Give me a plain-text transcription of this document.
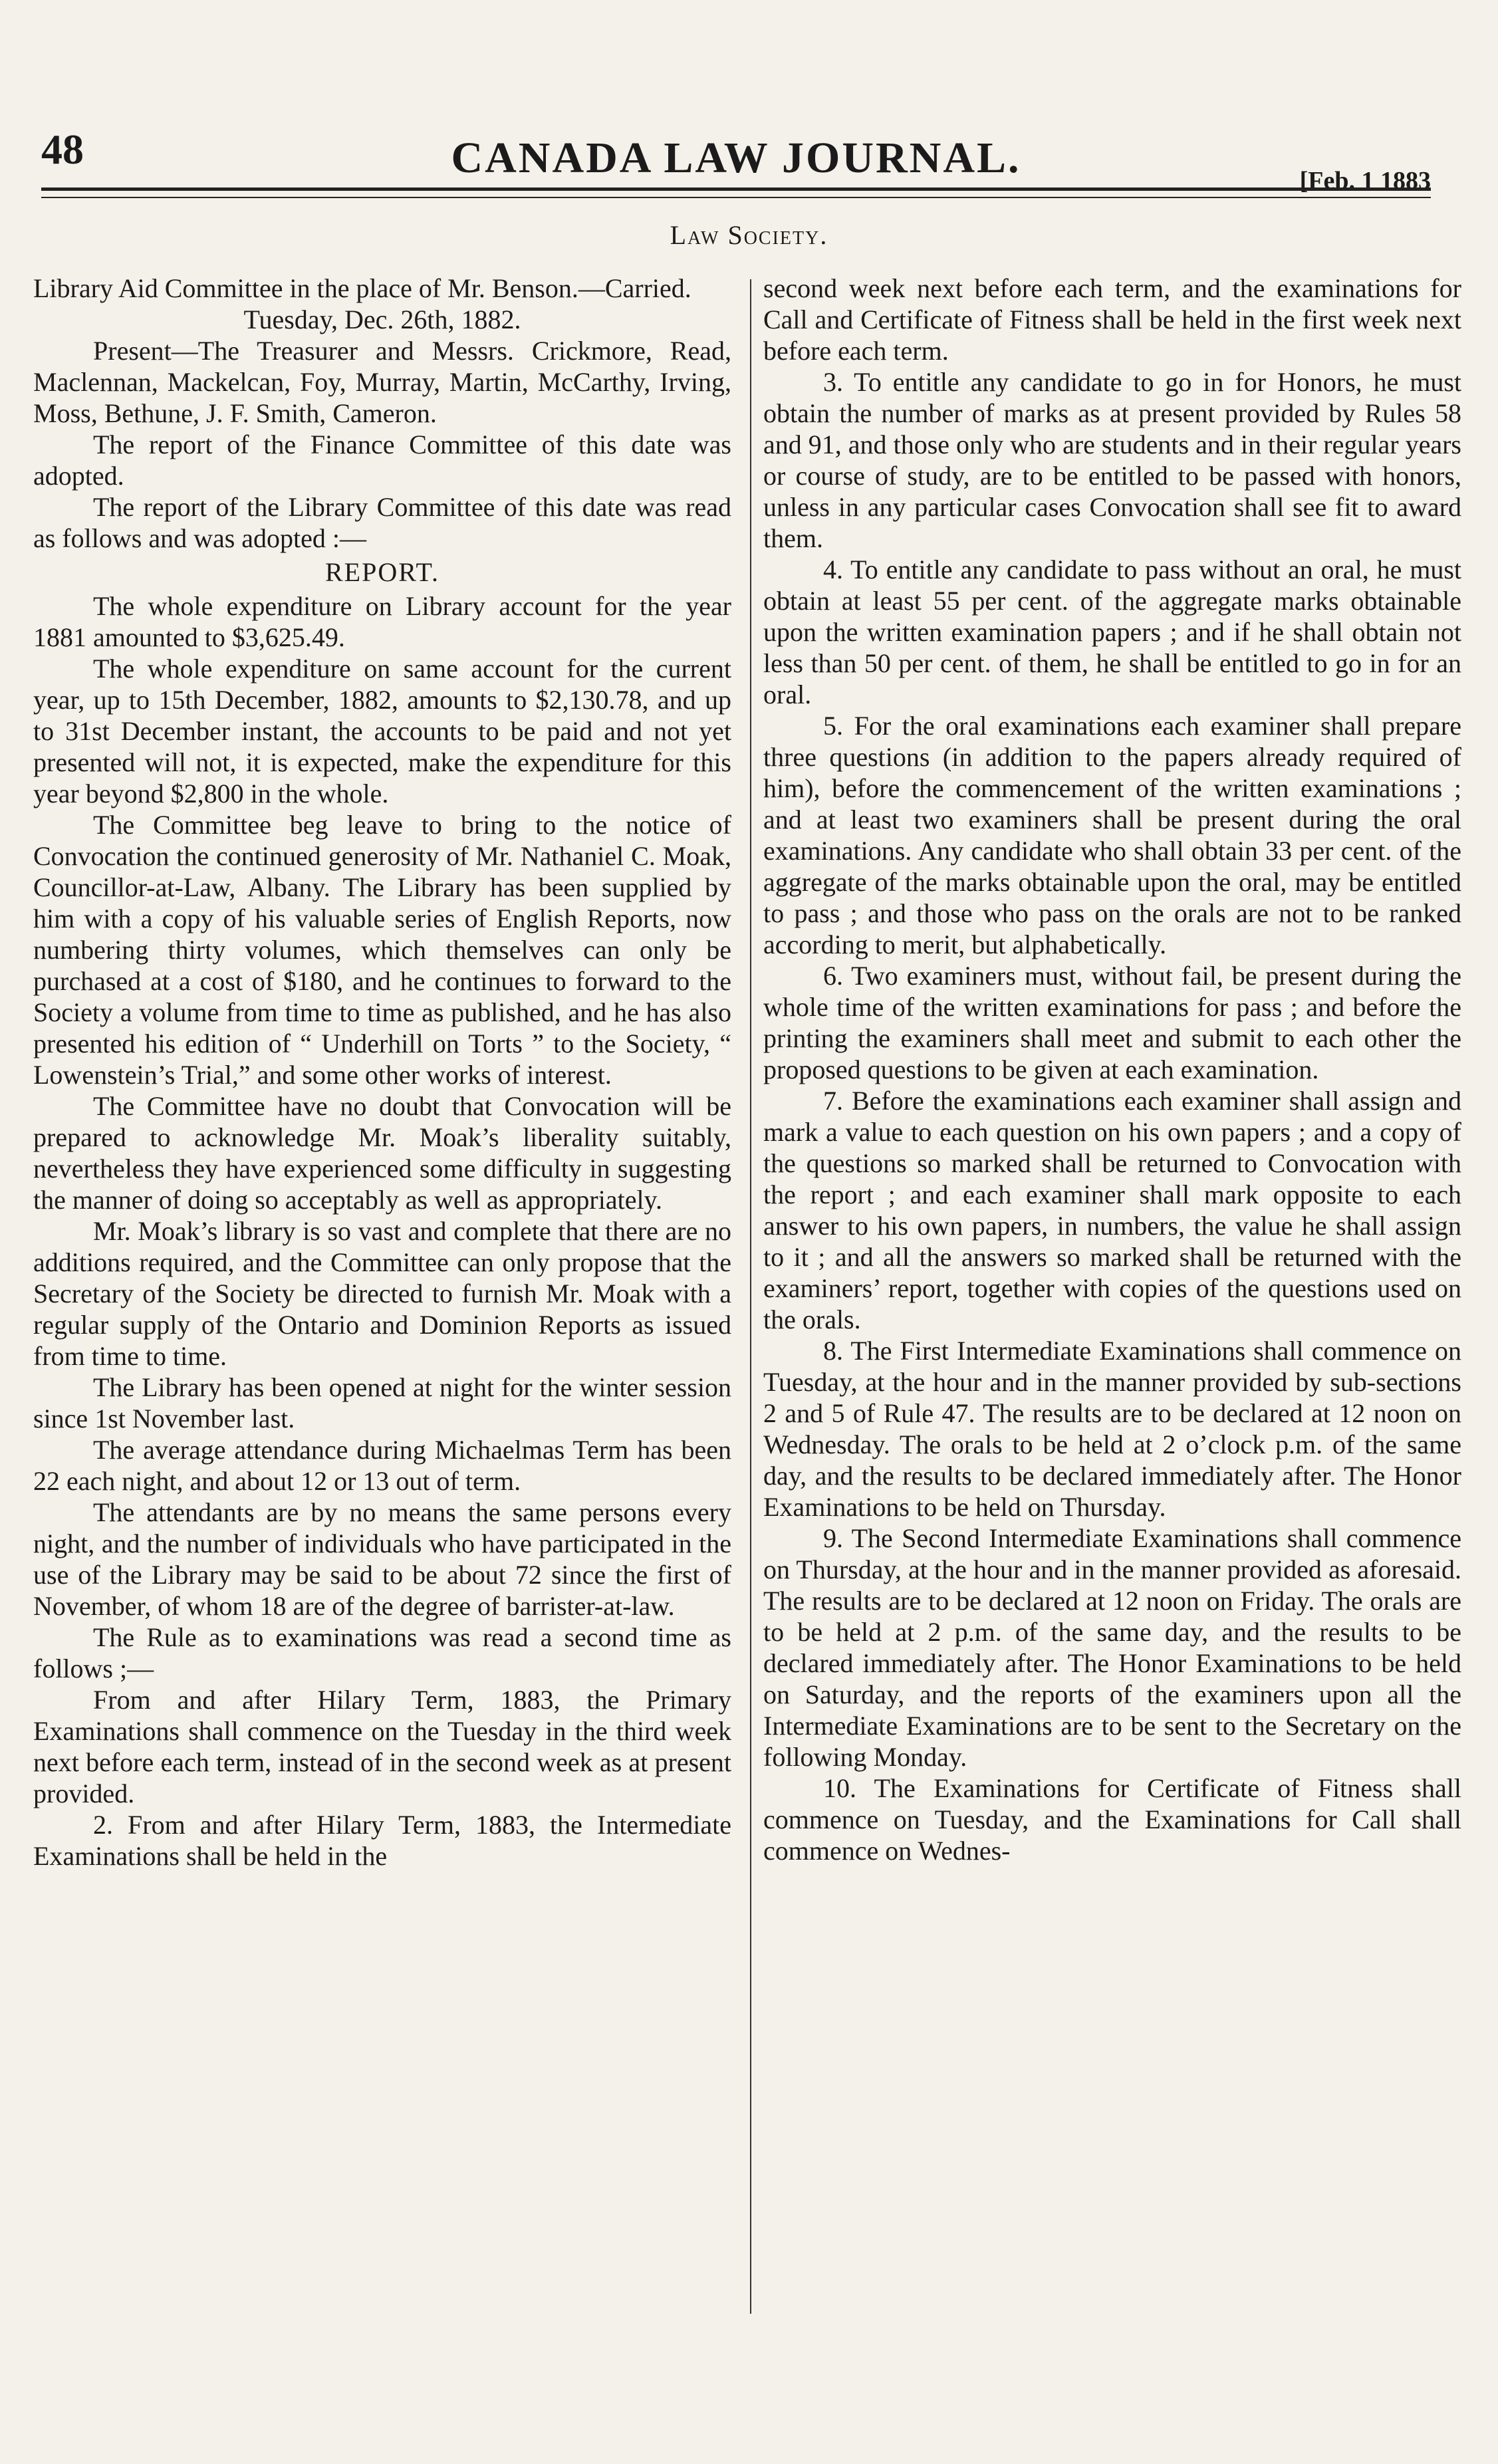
48	CANADA LAW JOURNAL.	[Feb. 1 1883
Law Society.

Library Aid Committee in the place of Mr. Benson.—Carried.

Tuesday, Dec. 26th, 1882.

Present—The Treasurer and Messrs. Crickmore, Read, Maclennan, Mackelcan, Foy, Murray, Martin, McCarthy, Irving, Moss, Bethune, J. F. Smith, Cameron.

The report of the Finance Committee of this date was adopted.

The report of the Library Committee of this date was read as follows and was adopted :—

REPORT.

The whole expenditure on Library account for the year 1881 amounted to $3,625.49.

The whole expenditure on same account for the current year, up to 15th December, 1882, amounts to $2,130.78, and up to 31st December instant, the accounts to be paid and not yet presented will not, it is expected, make the expenditure for this year beyond $2,800 in the whole.

The Committee beg leave to bring to the notice of Convocation the continued generosity of Mr. Nathaniel C. Moak, Councillor-at-Law, Albany. The Library has been supplied by him with a copy of his valuable series of English Reports, now numbering thirty volumes, which themselves can only be purchased at a cost of $180, and he continues to forward to the Society a volume from time to time as published, and he has also presented his edition of “ Underhill on Torts ” to the Society, “ Lowenstein’s Trial,” and some other works of interest.

The Committee have no doubt that Convocation will be prepared to acknowledge Mr. Moak’s liberality suitably, nevertheless they have experienced some difficulty in suggesting the manner of doing so acceptably as well as appropriately.

Mr. Moak’s library is so vast and complete that there are no additions required, and the Committee can only propose that the Secretary of the Society be directed to furnish Mr. Moak with a regular supply of the Ontario and Dominion Reports as issued from time to time.

The Library has been opened at night for the winter session since 1st November last.

The average attendance during Michaelmas Term has been 22 each night, and about 12 or 13 out of term.

The attendants are by no means the same persons every night, and the number of individuals who have participated in the use of the Library may be said to be about 72 since the first of November, of whom 18 are of the degree of barrister-at-law.

The Rule as to examinations was read a second time as follows ;—

From and after Hilary Term, 1883, the Primary Examinations shall commence on the Tuesday in the third week next before each term, instead of in the second week as at present provided.

2. From and after Hilary Term, 1883, the Intermediate Examinations shall be held in the

second week next before each term, and the examinations for Call and Certificate of Fitness shall be held in the first week next before each term.

3. To entitle any candidate to go in for Honors, he must obtain the number of marks as at present provided by Rules 58 and 91, and those only who are students and in their regular years or course of study, are to be entitled to be passed with honors, unless in any particular cases Convocation shall see fit to award them.

4. To entitle any candidate to pass without an oral, he must obtain at least 55 per cent. of the aggregate marks obtainable upon the written examination papers ; and if he shall obtain not less than 50 per cent. of them, he shall be entitled to go in for an oral.

5. For the oral examinations each examiner shall prepare three questions (in addition to the papers already required of him), before the commencement of the written examinations ; and at least two examiners shall be present during the oral examinations. Any candidate who shall obtain 33 per cent. of the aggregate of the marks obtainable upon the oral, may be entitled to pass ; and those who pass on the orals are not to be ranked according to merit, but alphabetically.

6. Two examiners must, without fail, be present during the whole time of the written examinations for pass ; and before the printing the examiners shall meet and submit to each other the proposed questions to be given at each examination.

7. Before the examinations each examiner shall assign and mark a value to each question on his own papers ; and a copy of the questions so marked shall be returned to Convocation with the report ; and each examiner shall mark opposite to each answer to his own papers, in numbers, the value he shall assign to it ; and all the answers so marked shall be returned with the examiners’ report, together with copies of the questions used on the orals.

8. The First Intermediate Examinations shall commence on Tuesday, at the hour and in the manner provided by sub-sections 2 and 5 of Rule 47. The results are to be declared at 12 noon on Wednesday. The orals to be held at 2 o’clock p.m. of the same day, and the results to be declared immediately after. The Honor Examinations to be held on Thursday.

9. The Second Intermediate Examinations shall commence on Thursday, at the hour and in the manner provided as aforesaid. The results are to be declared at 12 noon on Friday. The orals are to be held at 2 p.m. of the same day, and the results to be declared immediately after. The Honor Examinations to be held on Saturday, and the reports of the examiners upon all the Intermediate Examinations are to be sent to the Secretary on the following Monday.

10. The Examinations for Certificate of Fitness shall commence on Tuesday, and the Examinations for Call shall commence on Wednes-
